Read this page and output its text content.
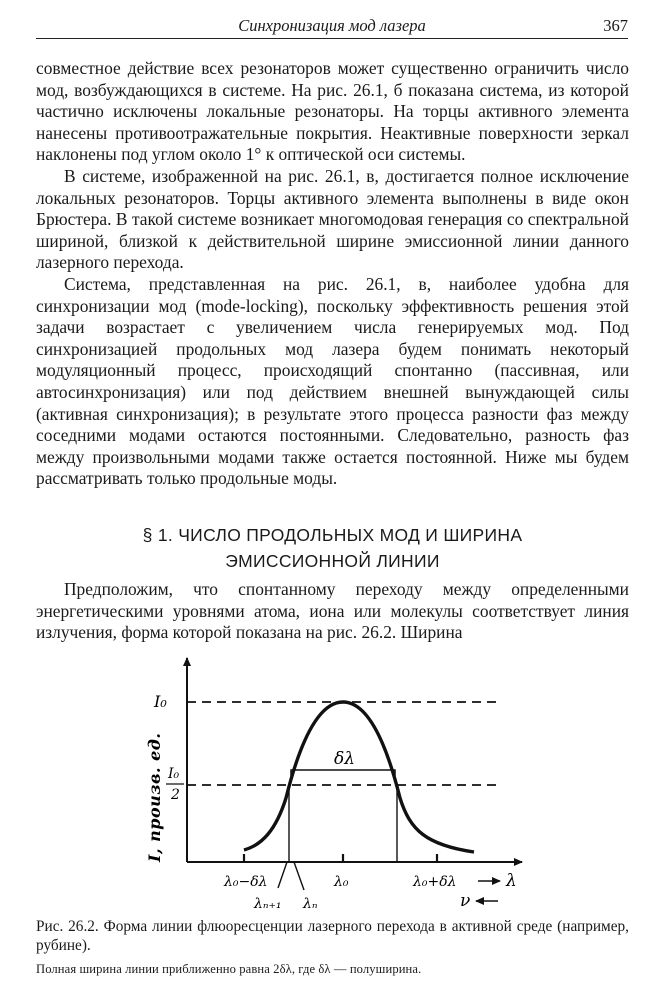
Синхронизация мод лазера	367

совместное действие всех резонаторов может существенно ограничить число мод, возбуждающихся в системе. На рис. 26.1, б показана система, из которой частично исключены локальные резонаторы. На торцы активного элемента нанесены противоотражательные покрытия. Неактивные поверхности зеркал наклонены под углом около 1° к оптической оси системы.

В системе, изображенной на рис. 26.1, в, достигается полное исключение локальных резонаторов. Торцы активного элемента выполнены в виде окон Брюстера. В такой системе возникает многомодовая генерация со спектральной шириной, близкой к действительной ширине эмиссионной линии данного лазерного перехода.

Система, представленная на рис. 26.1, в, наиболее удобна для синхронизации мод (mode-locking), поскольку эффективность решения этой задачи возрастает с увеличением числа генерируемых мод. Под синхронизацией продольных мод лазера будем понимать некоторый модуляционный процесс, происходящий спонтанно (пассивная, или автосинхронизация) или под действием внешней вынуждающей силы (активная синхронизация); в результате этого процесса разности фаз между соседними модами остаются постоянными. Следовательно, разность фаз между произвольными модами также остается постоянной. Ниже мы будем рассматривать только продольные моды.

§ 1. ЧИСЛО ПРОДОЛЬНЫХ МОД И ШИРИНА
ЭМИССИОННОЙ ЛИНИИ

Предположим, что спонтанному переходу между определенными энергетическими уровнями атома, иона или молекулы соответствует линия излучения, форма которой показана на рис. 26.2. Ширина

δλ
I₀
I₀
2
I, произв. ед.
λ₀−δλ	λ₀	λ₀+δλ
λₙ₊₁ λₙ
λ
ν
Рис. 26.2. Форма линии флюоресценции лазерного перехода в активной среде (например, рубине).
Полная ширина линии приближенно равна 2δλ, где δλ — полуширина.
